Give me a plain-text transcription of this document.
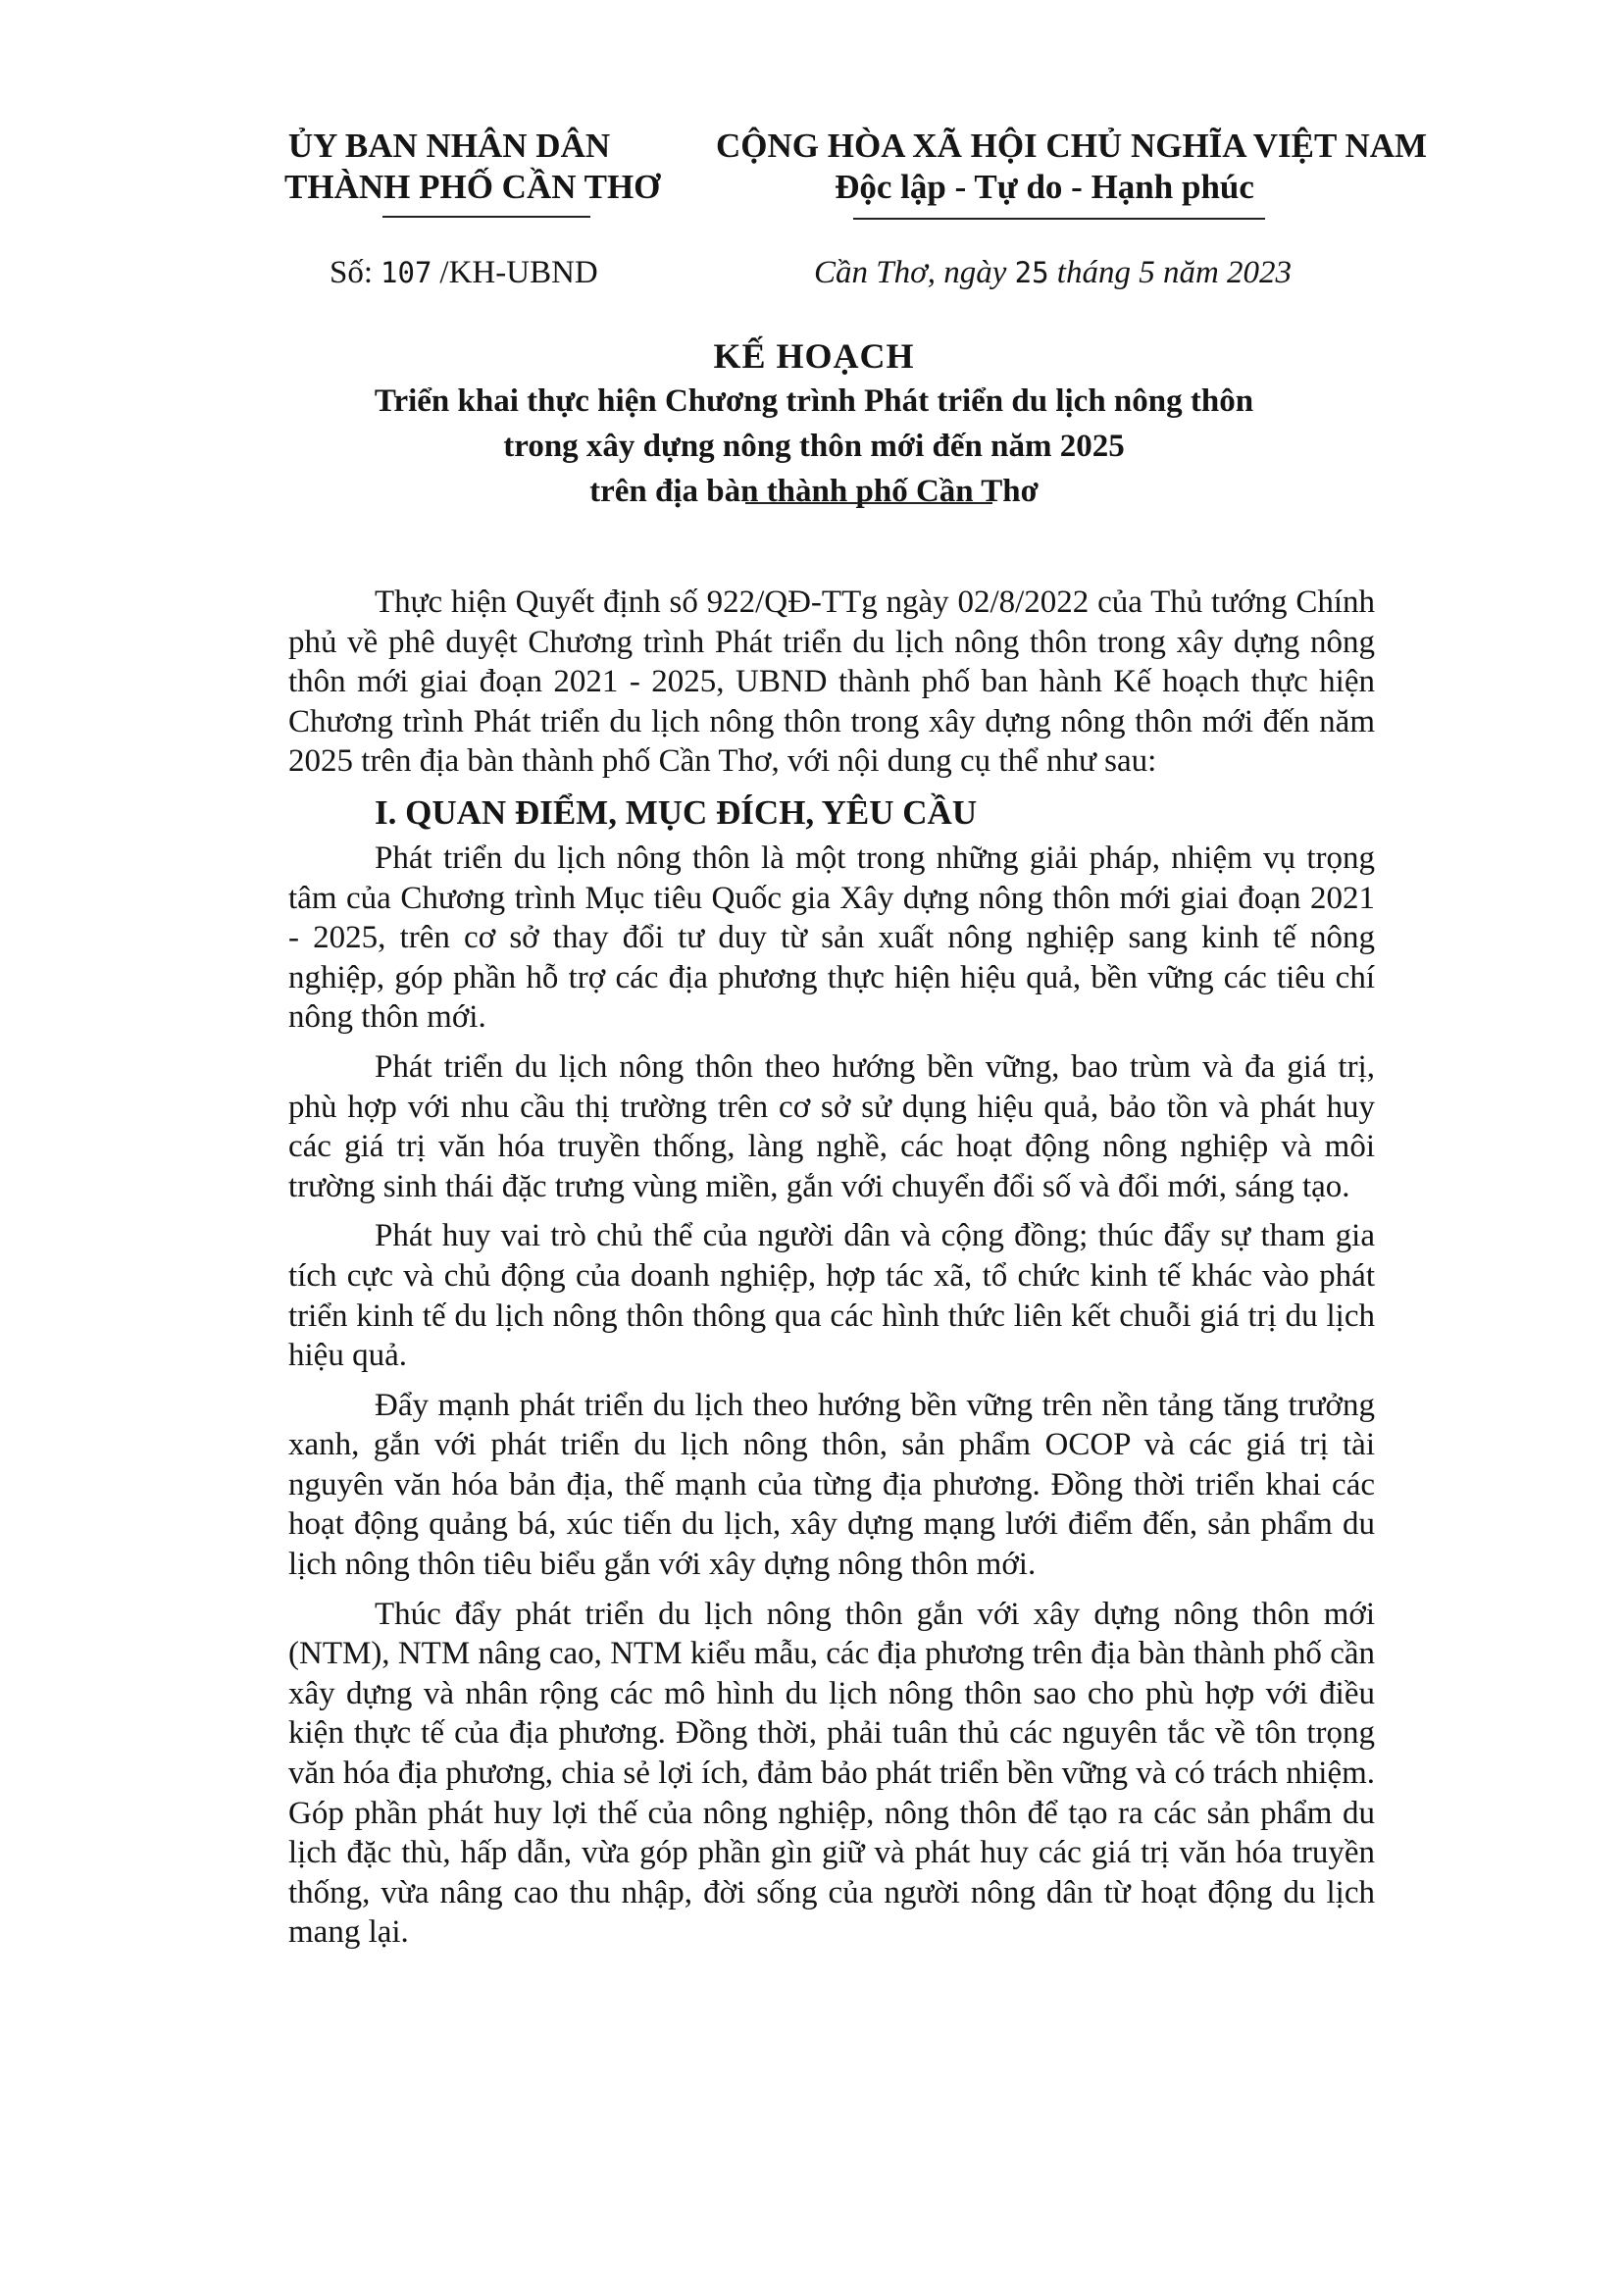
ỦY BAN NHÂN DÂN
THÀNH PHỐ CẦN THƠ
CỘNG HÒA XÃ HỘI CHỦ NGHĨA VIỆT NAM
Độc lập - Tự do - Hạnh phúc
Số: 107 /KH-UBND	Cần Thơ, ngày 25 tháng 5 năm 2023
KẾ HOẠCH
Triển khai thực hiện Chương trình Phát triển du lịch nông thôn
trong xây dựng nông thôn mới đến năm 2025
trên địa bàn thành phố Cần Thơ

Thực hiện Quyết định số 922/QĐ-TTg ngày 02/8/2022 của Thủ tướng Chính phủ về phê duyệt Chương trình Phát triển du lịch nông thôn trong xây dựng nông thôn mới giai đoạn 2021 - 2025, UBND thành phố ban hành Kế hoạch thực hiện Chương trình Phát triển du lịch nông thôn trong xây dựng nông thôn mới đến năm 2025 trên địa bàn thành phố Cần Thơ, với nội dung cụ thể như sau:

I. QUAN ĐIỂM, MỤC ĐÍCH, YÊU CẦU

Phát triển du lịch nông thôn là một trong những giải pháp, nhiệm vụ trọng tâm của Chương trình Mục tiêu Quốc gia Xây dựng nông thôn mới giai đoạn 2021 - 2025, trên cơ sở thay đổi tư duy từ sản xuất nông nghiệp sang kinh tế nông nghiệp, góp phần hỗ trợ các địa phương thực hiện hiệu quả, bền vững các tiêu chí nông thôn mới.

Phát triển du lịch nông thôn theo hướng bền vững, bao trùm và đa giá trị, phù hợp với nhu cầu thị trường trên cơ sở sử dụng hiệu quả, bảo tồn và phát huy các giá trị văn hóa truyền thống, làng nghề, các hoạt động nông nghiệp và môi trường sinh thái đặc trưng vùng miền, gắn với chuyển đổi số và đổi mới, sáng tạo.

Phát huy vai trò chủ thể của người dân và cộng đồng; thúc đẩy sự tham gia tích cực và chủ động của doanh nghiệp, hợp tác xã, tổ chức kinh tế khác vào phát triển kinh tế du lịch nông thôn thông qua các hình thức liên kết chuỗi giá trị du lịch hiệu quả.

Đẩy mạnh phát triển du lịch theo hướng bền vững trên nền tảng tăng trưởng xanh, gắn với phát triển du lịch nông thôn, sản phẩm OCOP và các giá trị tài nguyên văn hóa bản địa, thế mạnh của từng địa phương. Đồng thời triển khai các hoạt động quảng bá, xúc tiến du lịch, xây dựng mạng lưới điểm đến, sản phẩm du lịch nông thôn tiêu biểu gắn với xây dựng nông thôn mới.

Thúc đẩy phát triển du lịch nông thôn gắn với xây dựng nông thôn mới (NTM), NTM nâng cao, NTM kiểu mẫu, các địa phương trên địa bàn thành phố cần xây dựng và nhân rộng các mô hình du lịch nông thôn sao cho phù hợp với điều kiện thực tế của địa phương. Đồng thời, phải tuân thủ các nguyên tắc về tôn trọng văn hóa địa phương, chia sẻ lợi ích, đảm bảo phát triển bền vững và có trách nhiệm. Góp phần phát huy lợi thế của nông nghiệp, nông thôn để tạo ra các sản phẩm du lịch đặc thù, hấp dẫn, vừa góp phần gìn giữ và phát huy các giá trị văn hóa truyền thống, vừa nâng cao thu nhập, đời sống của người nông dân từ hoạt động du lịch mang lại.
